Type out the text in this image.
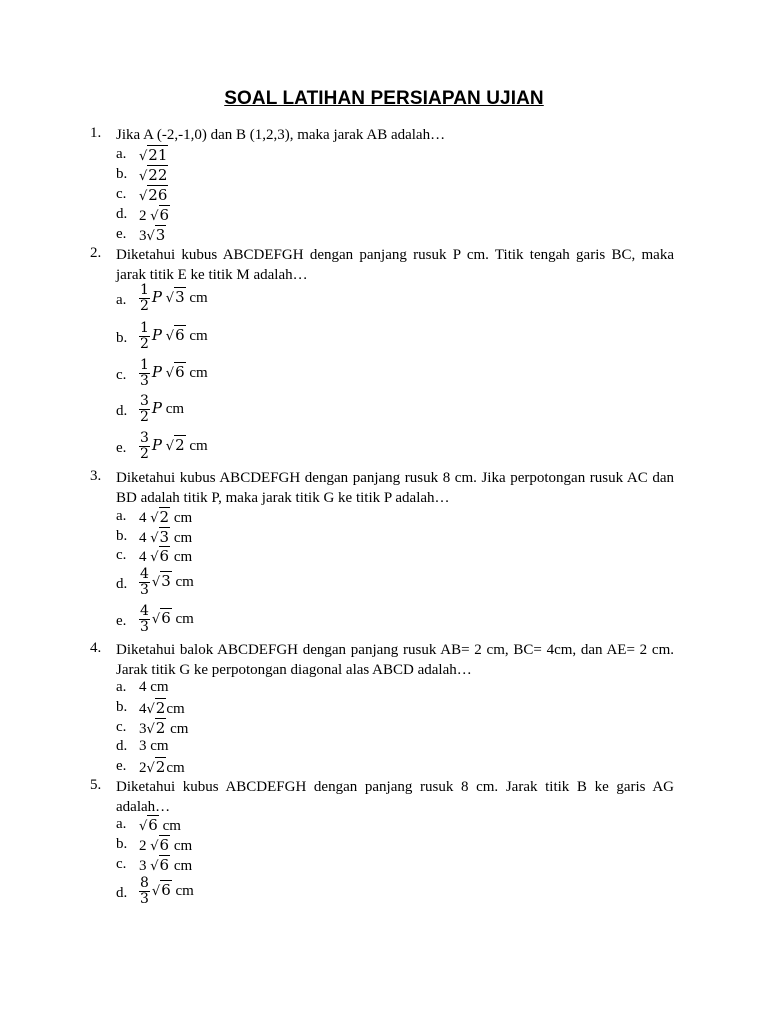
SOAL LATIHAN PERSIAPAN UJIAN
1. Jika A (-2,-1,0) dan B (1,2,3), maka jarak AB adalah…
a. √21
b. √22
c. √26
d. 2 √6
e. 3√3
2. Diketahui kubus ABCDEFGH dengan panjang rusuk P cm. Titik tengah garis BC, maka jarak titik E ke titik M adalah…
a. $\frac{1}{2}$ P √3 cm
b. $\frac{1}{2}$ P √6 cm
c. $\frac{1}{3}$ P √6 cm
d. $\frac{3}{2}$ P cm
e. $\frac{3}{2}$ P √2 cm
3. Diketahui kubus ABCDEFGH dengan panjang rusuk 8 cm. Jika perpotongan rusuk AC dan BD adalah titik P, maka jarak titik G ke titik P adalah…
a. 4 √2 cm
b. 4 √3 cm
c. 4 √6 cm
d. $\frac{4}{3} √3$ cm
e. $\frac{4}{3} √6$ cm
4. Diketahui balok ABCDEFGH dengan panjang rusuk AB= 2 cm, BC= 4cm, dan AE= 2 cm. Jarak titik G ke perpotongan diagonal alas ABCD adalah…
a. 4 cm
b. 4√2cm
c. 3√2 cm
d. 3 cm
e. 2√2cm
5. Diketahui kubus ABCDEFGH dengan panjang rusuk 8 cm. Jarak titik B ke garis AG adalah…
a. √6 cm
b. 2 √6 cm
c. 3 √6 cm
d. $\frac{8}{3} √6$ cm
